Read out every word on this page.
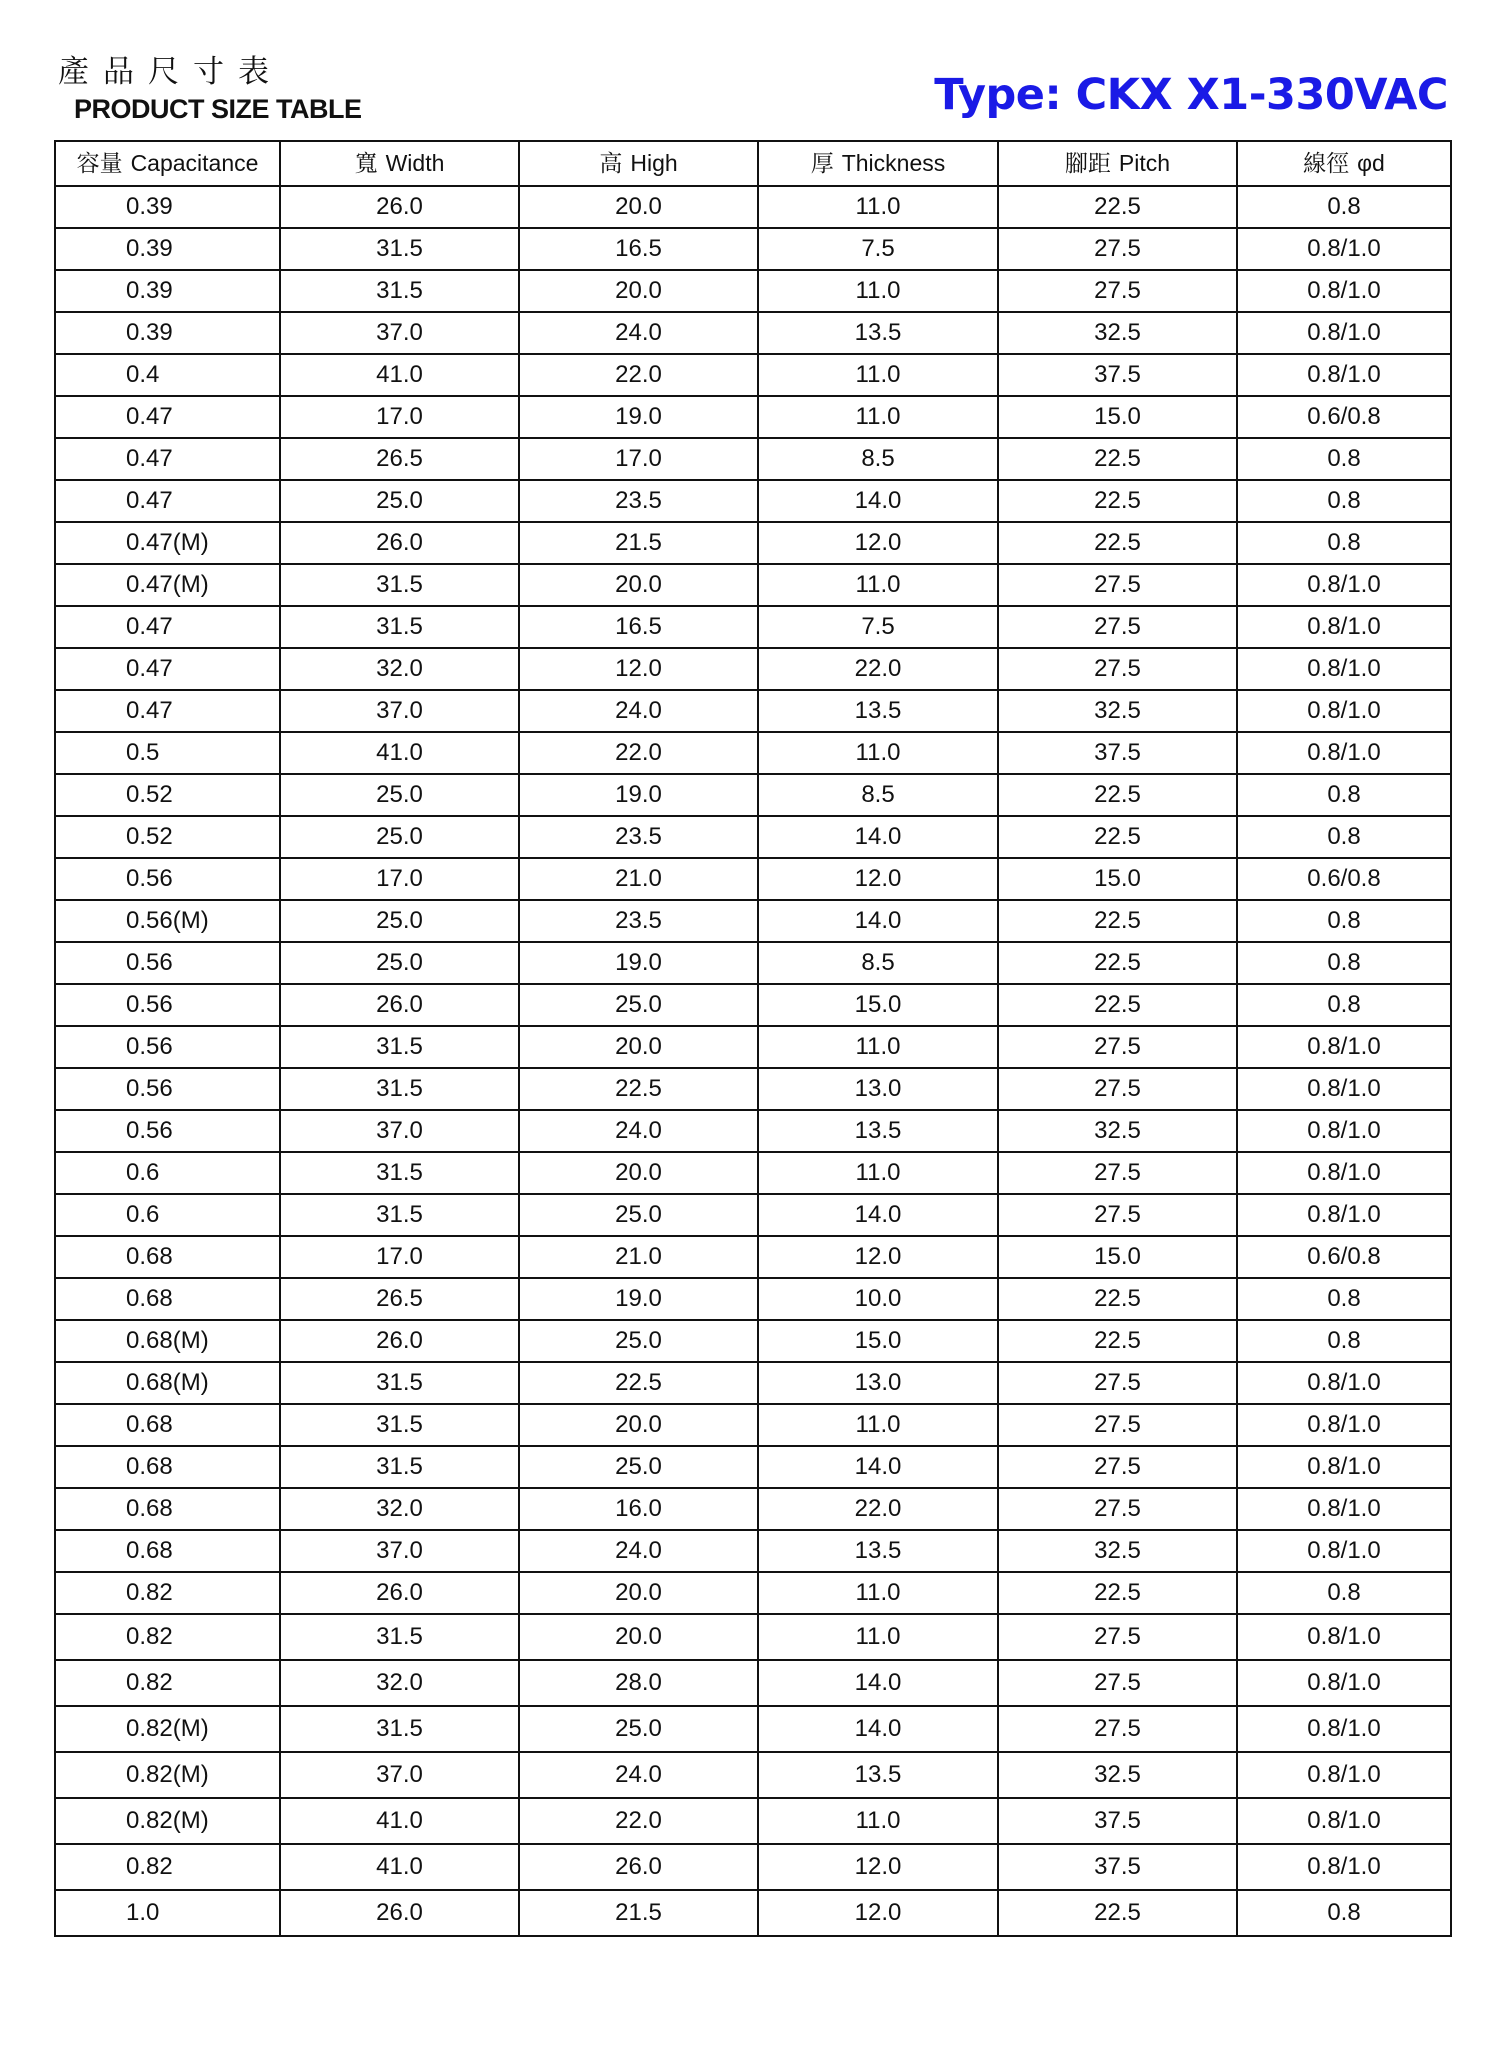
產品尺寸表
PRODUCT SIZE TABLE	Type: CKX X1-330VAC
容量 Capacitance	寬 Width	高 High	厚 Thickness	腳距 Pitch	線徑 φd
0.39	26.0	20.0	11.0	22.5	0.8
0.39	31.5	16.5	7.5	27.5	0.8/1.0
0.39	31.5	20.0	11.0	27.5	0.8/1.0
0.39	37.0	24.0	13.5	32.5	0.8/1.0
0.4	41.0	22.0	11.0	37.5	0.8/1.0
0.47	17.0	19.0	11.0	15.0	0.6/0.8
0.47	26.5	17.0	8.5	22.5	0.8
0.47	25.0	23.5	14.0	22.5	0.8
0.47(M)	26.0	21.5	12.0	22.5	0.8
0.47(M)	31.5	20.0	11.0	27.5	0.8/1.0
0.47	31.5	16.5	7.5	27.5	0.8/1.0
0.47	32.0	12.0	22.0	27.5	0.8/1.0
0.47	37.0	24.0	13.5	32.5	0.8/1.0
0.5	41.0	22.0	11.0	37.5	0.8/1.0
0.52	25.0	19.0	8.5	22.5	0.8
0.52	25.0	23.5	14.0	22.5	0.8
0.56	17.0	21.0	12.0	15.0	0.6/0.8
0.56(M)	25.0	23.5	14.0	22.5	0.8
0.56	25.0	19.0	8.5	22.5	0.8
0.56	26.0	25.0	15.0	22.5	0.8
0.56	31.5	20.0	11.0	27.5	0.8/1.0
0.56	31.5	22.5	13.0	27.5	0.8/1.0
0.56	37.0	24.0	13.5	32.5	0.8/1.0
0.6	31.5	20.0	11.0	27.5	0.8/1.0
0.6	31.5	25.0	14.0	27.5	0.8/1.0
0.68	17.0	21.0	12.0	15.0	0.6/0.8
0.68	26.5	19.0	10.0	22.5	0.8
0.68(M)	26.0	25.0	15.0	22.5	0.8
0.68(M)	31.5	22.5	13.0	27.5	0.8/1.0
0.68	31.5	20.0	11.0	27.5	0.8/1.0
0.68	31.5	25.0	14.0	27.5	0.8/1.0
0.68	32.0	16.0	22.0	27.5	0.8/1.0
0.68	37.0	24.0	13.5	32.5	0.8/1.0
0.82	26.0	20.0	11.0	22.5	0.8
0.82	31.5	20.0	11.0	27.5	0.8/1.0
0.82	32.0	28.0	14.0	27.5	0.8/1.0
0.82(M)	31.5	25.0	14.0	27.5	0.8/1.0
0.82(M)	37.0	24.0	13.5	32.5	0.8/1.0
0.82(M)	41.0	22.0	11.0	37.5	0.8/1.0
0.82	41.0	26.0	12.0	37.5	0.8/1.0
1.0	26.0	21.5	12.0	22.5	0.8
